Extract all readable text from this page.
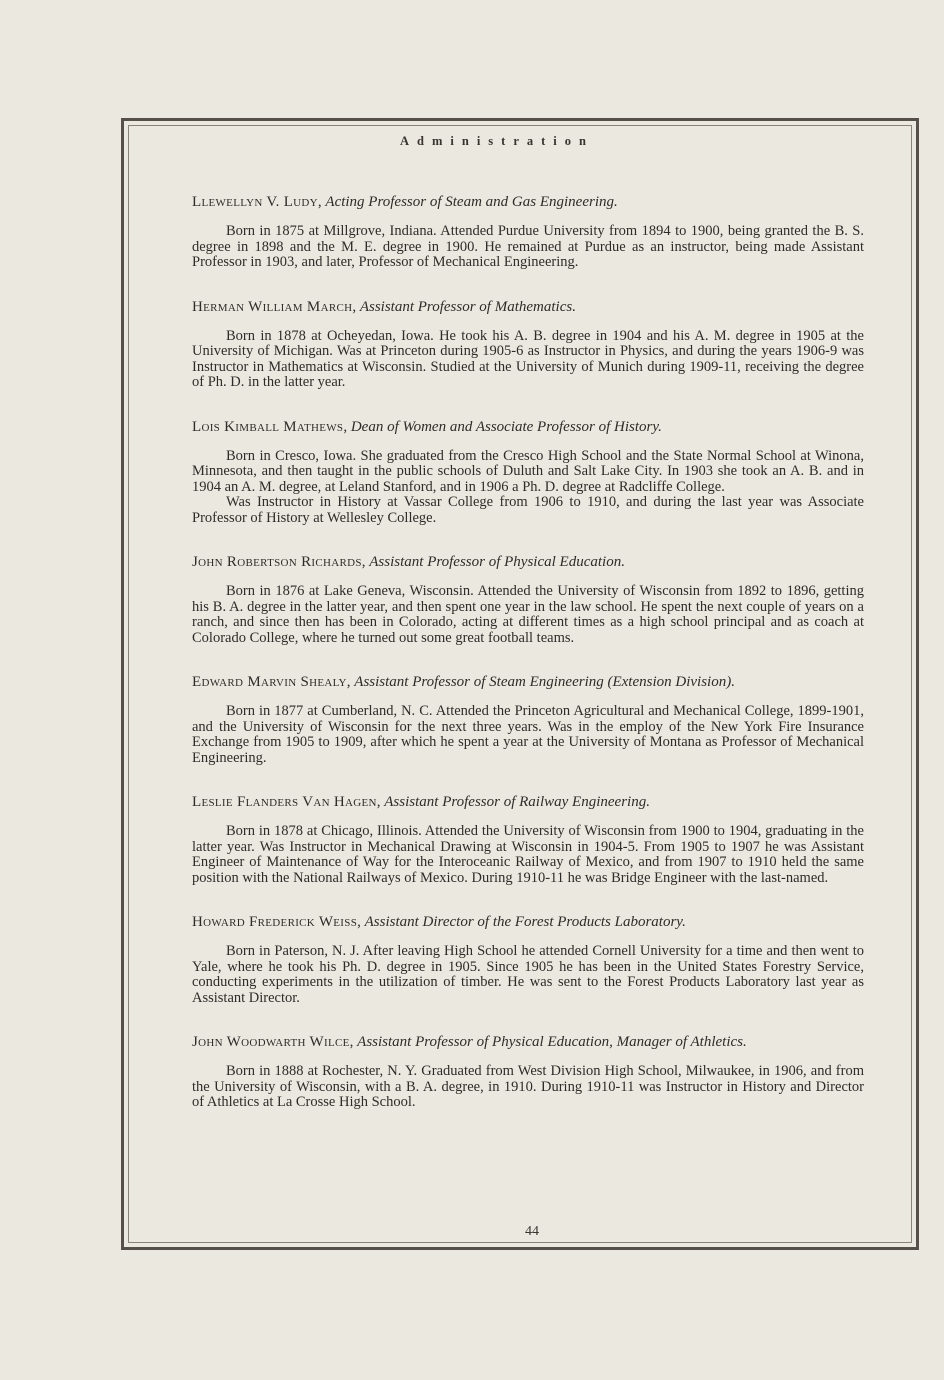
Administration

Llewellyn V. Ludy, Acting Professor of Steam and Gas Engineering.

Born in 1875 at Millgrove, Indiana. Attended Purdue University from 1894 to 1900, being granted the B. S. degree in 1898 and the M. E. degree in 1900. He remained at Purdue as an instructor, being made Assistant Professor in 1903, and later, Professor of Mechanical Engineering.

Herman William March, Assistant Professor of Mathematics.

Born in 1878 at Ocheyedan, Iowa. He took his A. B. degree in 1904 and his A. M. degree in 1905 at the University of Michigan. Was at Princeton during 1905-6 as Instructor in Physics, and during the years 1906-9 was Instructor in Mathematics at Wisconsin. Studied at the University of Munich during 1909-11, receiving the degree of Ph. D. in the latter year.

Lois Kimball Mathews, Dean of Women and Associate Professor of History.

Born in Cresco, Iowa. She graduated from the Cresco High School and the State Normal School at Winona, Minnesota, and then taught in the public schools of Duluth and Salt Lake City. In 1903 she took an A. B. and in 1904 an A. M. degree, at Leland Stanford, and in 1906 a Ph. D. degree at Radcliffe College.

Was Instructor in History at Vassar College from 1906 to 1910, and during the last year was Associate Professor of History at Wellesley College.

John Robertson Richards, Assistant Professor of Physical Education.

Born in 1876 at Lake Geneva, Wisconsin. Attended the University of Wisconsin from 1892 to 1896, getting his B. A. degree in the latter year, and then spent one year in the law school. He spent the next couple of years on a ranch, and since then has been in Colorado, acting at different times as a high school principal and as coach at Colorado College, where he turned out some great football teams.

Edward Marvin Shealy, Assistant Professor of Steam Engineering (Extension Division).

Born in 1877 at Cumberland, N. C. Attended the Princeton Agricultural and Mechanical College, 1899-1901, and the University of Wisconsin for the next three years. Was in the employ of the New York Fire Insurance Exchange from 1905 to 1909, after which he spent a year at the University of Montana as Professor of Mechanical Engineering.

Leslie Flanders Van Hagen, Assistant Professor of Railway Engineering.

Born in 1878 at Chicago, Illinois. Attended the University of Wisconsin from 1900 to 1904, graduating in the latter year. Was Instructor in Mechanical Drawing at Wisconsin in 1904-5. From 1905 to 1907 he was Assistant Engineer of Maintenance of Way for the Interoceanic Railway of Mexico, and from 1907 to 1910 held the same position with the National Railways of Mexico. During 1910-11 he was Bridge Engineer with the last-named.

Howard Frederick Weiss, Assistant Director of the Forest Products Laboratory.

Born in Paterson, N. J. After leaving High School he attended Cornell University for a time and then went to Yale, where he took his Ph. D. degree in 1905. Since 1905 he has been in the United States Forestry Service, conducting experiments in the utilization of timber. He was sent to the Forest Products Laboratory last year as Assistant Director.

John Woodwarth Wilce, Assistant Professor of Physical Education, Manager of Athletics.

Born in 1888 at Rochester, N. Y. Graduated from West Division High School, Milwaukee, in 1906, and from the University of Wisconsin, with a B. A. degree, in 1910. During 1910-11 was Instructor in History and Director of Athletics at La Crosse High School.

44
